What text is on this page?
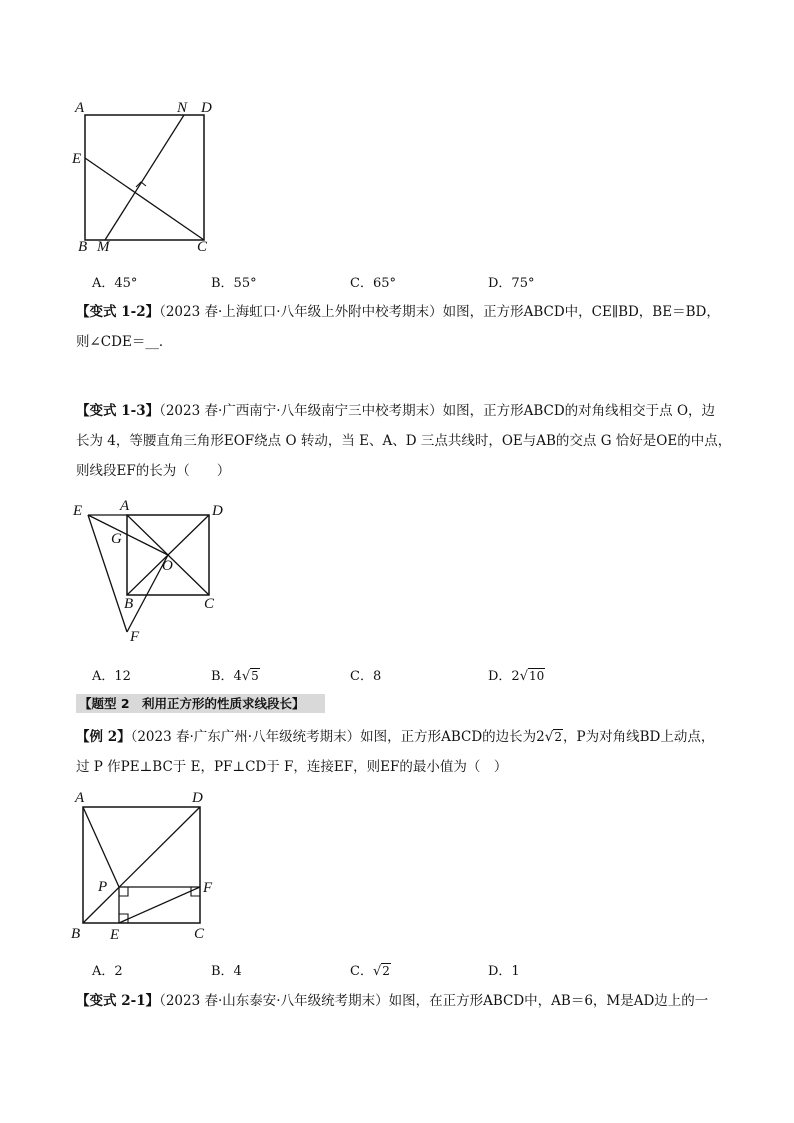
A	N D
E
B M	C
A．45°	B．55°	C．65°	D．75°
【变式 1-2】（2023 春·上海虹口·八年级上外附中校考期末）如图，正方形ABCD中，CE∥BD，BE＝BD，
则∠CDE＝__．
【变式 1-3】（2023 春·广西南宁·八年级南宁三中校考期末）如图，正方形ABCD的对角线相交于点 O，边
长为 4，等腰直角三角形EOF绕点 O 转动，当 E、A、D 三点共线时，OE与AB的交点 G 恰好是OE的中点，
则线段EF的长为（　　）
E	A	D
G
O
B	C
F
A．12	B．4√5	C．8	D．2√10
【题型 2　利用正方形的性质求线段长】
【例 2】（2023 春·广东广州·八年级统考期末）如图，正方形ABCD的边长为2√2，P为对角线BD上动点，
过 P 作PE⊥BC于 E，PF⊥CD于 F，连接EF，则EF的最小值为（　）
A	D
P	F
B E	C
A．2	B．4	C．√2	D．1
【变式 2-1】（2023 春·山东泰安·八年级统考期末）如图，在正方形ABCD中，AB＝6，M是AD边上的一
